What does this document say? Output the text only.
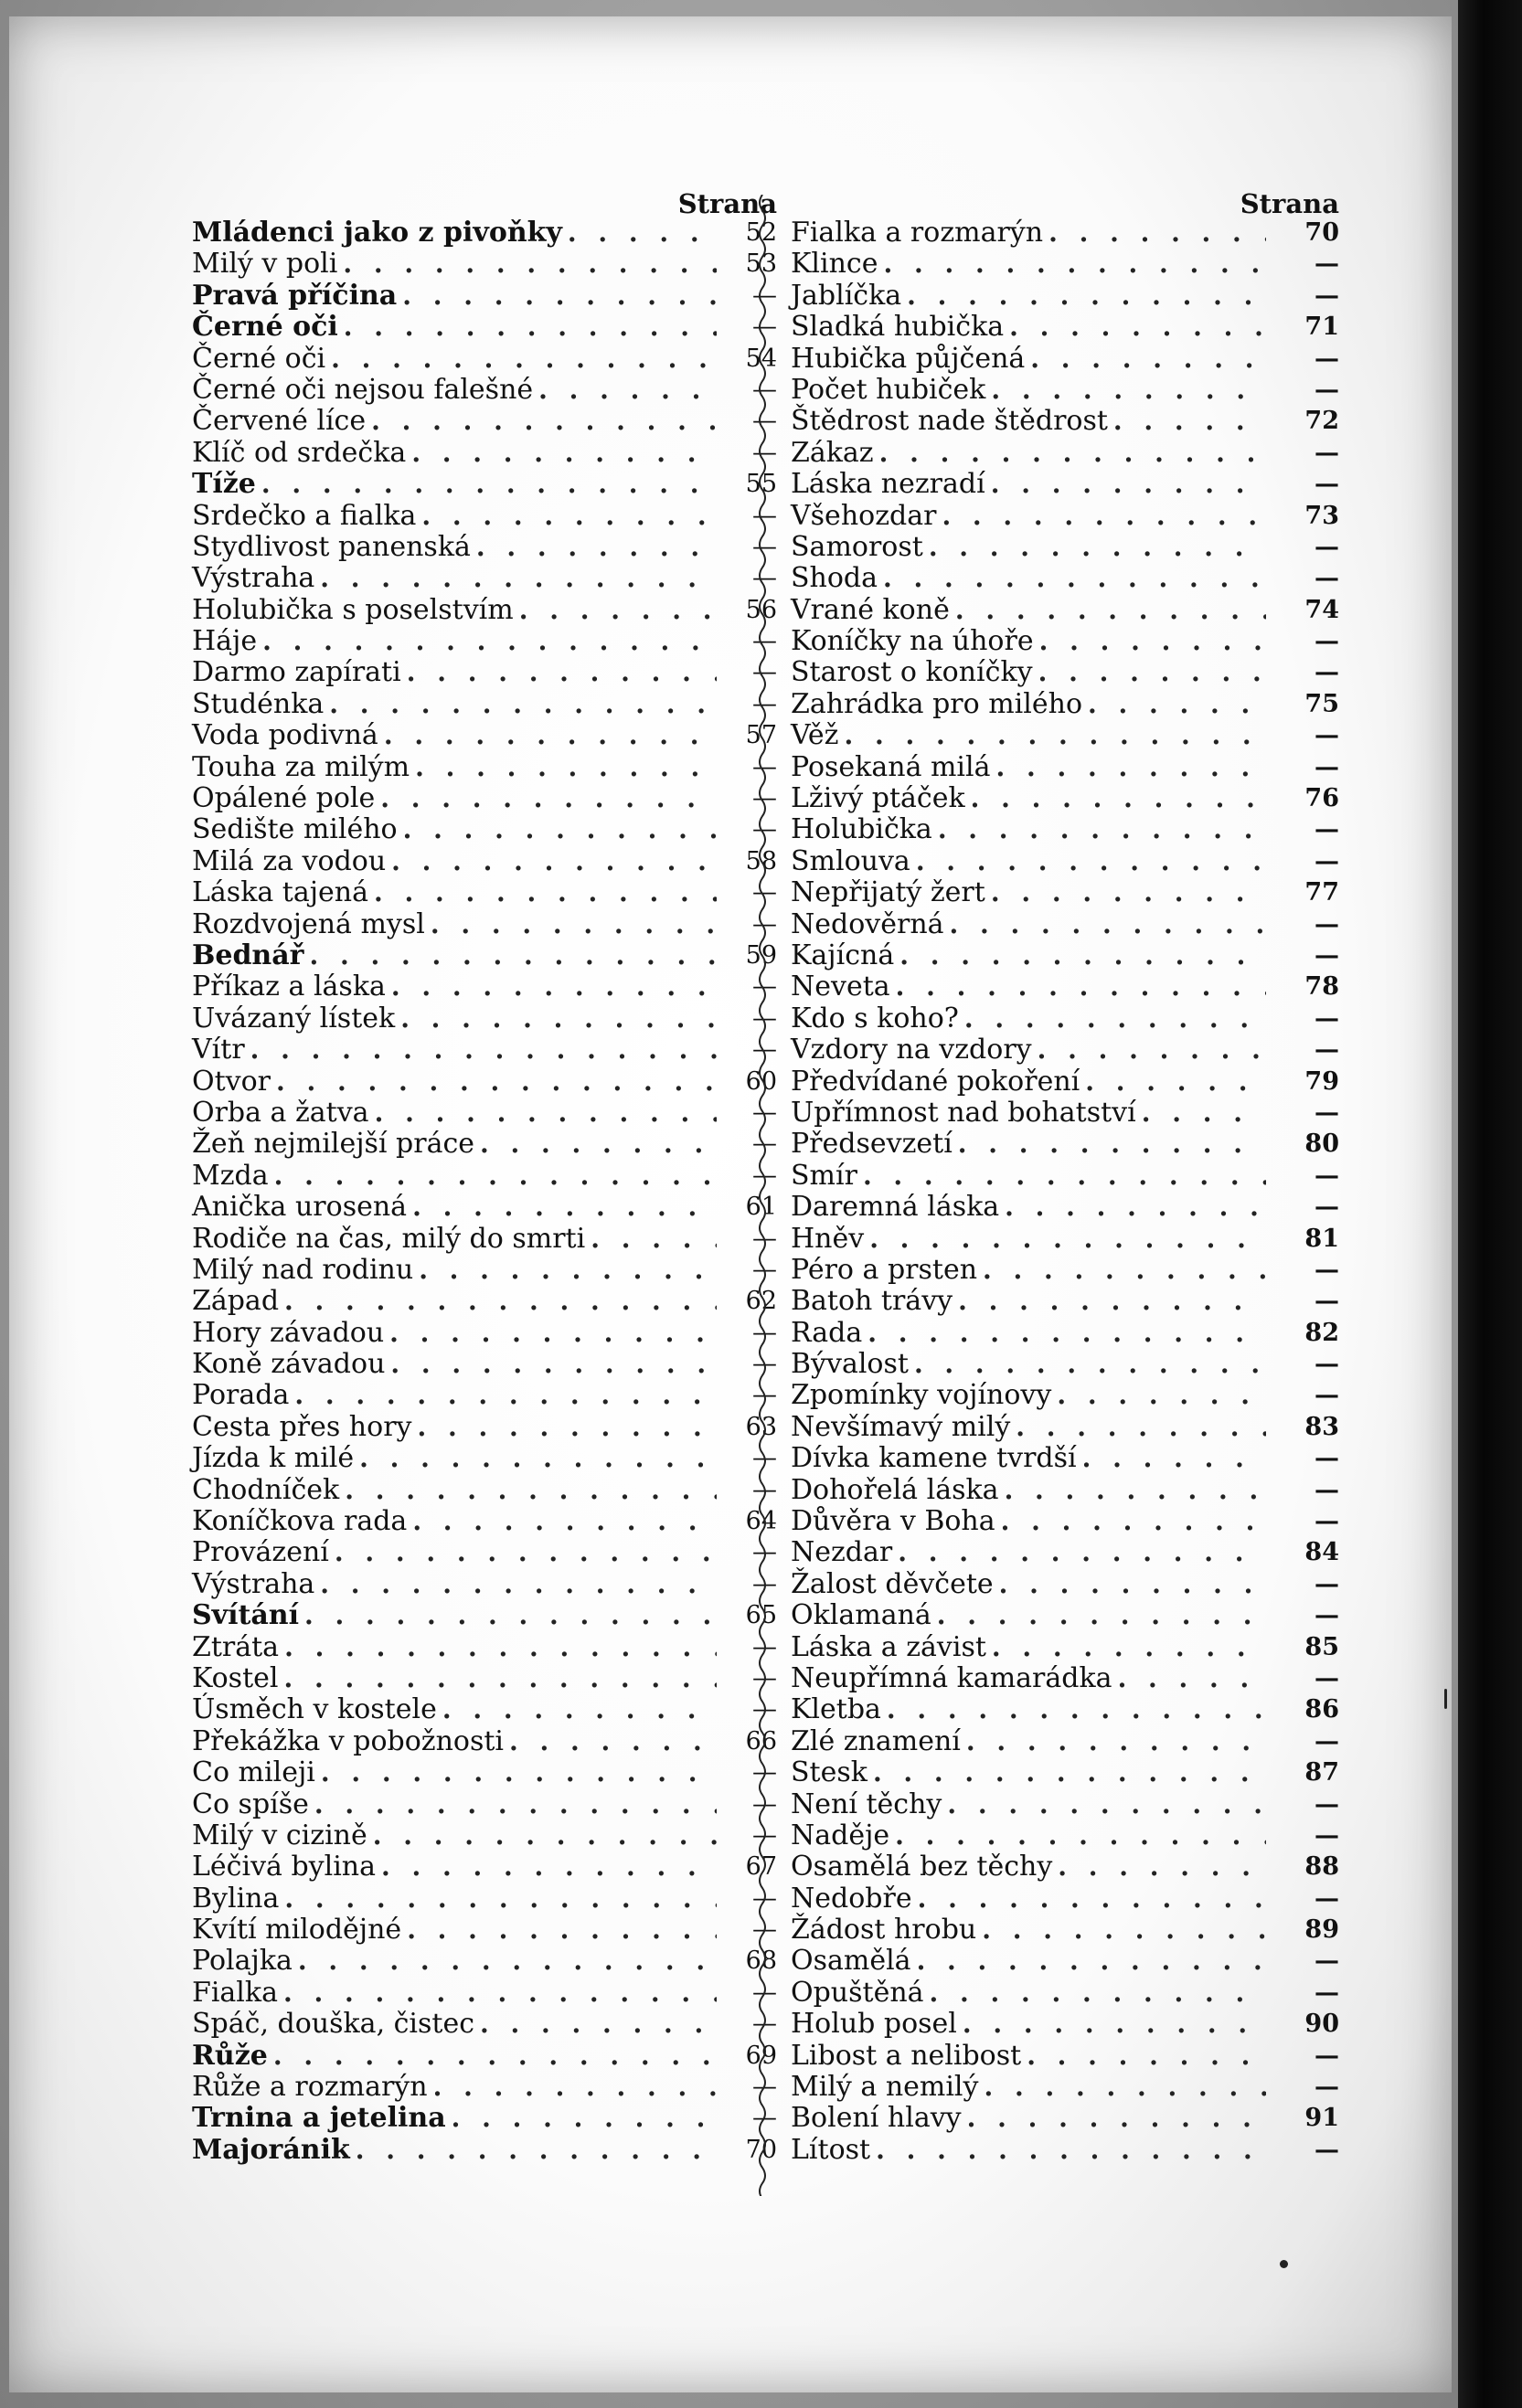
Strana
Mládenci jako z pivoňky . . .	52
Milý v poli . . .	53
Pravá příčina . . .	—
Černé oči . . .	—
Černé oči . . .	54
Černé oči nejsou falešné . . .	—
Červené líce . . .	—
Klíč od srdečka . . .	—
Tíže . . .	55
Srdečko a fialka . . .	—
Stydlivost panenská . . .	—
Výstraha . . .	—
Holubička s poselstvím . . .	56
Háje . . .	—
Darmo zapírati . . .	—
Studénka . . .	—
Voda podivná . . .	57
Touha za milým . . .	—
Opálené pole . . .	—
Sedište milého . . .	—
Milá za vodou . . .	58
Láska tajená . . .	—
Rozdvojená mysl . . .	—
Bednář . . .	59
Příkaz a láska . . .	—
Uvázaný lístek . . .	—
Vítr . . .	—
Otvor . . .	60
Orba a žatva . . .	—
Žeň nejmilejší práce . . .	—
Mzda . . .	—
Anička urosená . . .	61
Rodiče na čas, milý do smrti . . .	—
Milý nad rodinu . . .	—
Západ . . .	62
Hory závadou . . .	—
Koně závadou . . .	—
Porada . . .	—
Cesta přes hory . . .	63
Jízda k milé . . .	—
Chodníček . . .	—
Koníčkova rada . . .	64
Provázení . . .	—
Výstraha . . .	—
Svítání . . .	65
Ztráta . . .	—
Kostel . . .	—
Úsměch v kostele . . .	—
Překážka v pobožnosti . . .	66
Co mileji . . .	—
Co spíše . . .	—
Milý v cizině . . .	—
Léčivá bylina . . .	67
Bylina . . .	—
Kvítí milodějné . . .	—
Polajka . . .	68
Fialka . . .	—
Spáč, douška, čistec . . .	—
Růže . . .	69
Růže a rozmarýn . . .	—
Trnina a jetelina . . .	—
Majoránik . . .	70
Strana
Fialka a rozmarýn . . .	70
Klince . . .	—
Jablíčka . . .	—
Sladká hubička . . .	71
Hubička půjčená . . .	—
Počet hubiček . . .	—
Štědrost nade štědrost . . .	72
Zákaz . . .	—
Láska nezradí . . .	—
Všehozdar . . .	73
Samorost . . .	—
Shoda . . .	—
Vrané koně . . .	74
Koníčky na úhoře . . .	—
Starost o koníčky . . .	—
Zahrádka pro milého . . .	75
Věž . . .	—
Posekaná milá . . .	—
Lživý ptáček . . .	76
Holubička . . .	—
Smlouva . . .	—
Nepřijatý žert . . .	77
Nedověrná . . .	—
Kajícná . . .	—
Neveta . . .	78
Kdo s koho? . . .	—
Vzdory na vzdory . . .	—
Předvídané pokoření . . .	79
Upřímnost nad bohatství . . .	—
Předsevzetí . . .	80
Smír . . .	—
Daremná láska . . .	—
Hněv . . .	81
Péro a prsten . . .	—
Batoh trávy . . .	—
Rada . . .	82
Bývalost . . .	—
Zpomínky vojínovy . . .	—
Nevšímavý milý . . .	83
Dívka kamene tvrdší . . .	—
Dohořelá láska . . .	—
Důvěra v Boha . . .	—
Nezdar . . .	84
Žalost děvčete . . .	—
Oklamaná . . .	—
Láska a závist . . .	85
Neupřímná kamarádka . . .	—
Kletba . . .	86
Zlé znamení . . .	—
Stesk . . .	87
Není těchy . . .	—
Naděje . . .	—
Osamělá bez těchy . . .	88
Nedobře . . .	—
Žádost hrobu . . .	89
Osamělá . . .	—
Opuštěná . . .	—
Holub posel . . .	90
Libost a nelibost . . .	—
Milý a nemilý . . .	—
Bolení hlavy . . .	91
Lítost . . .	—
